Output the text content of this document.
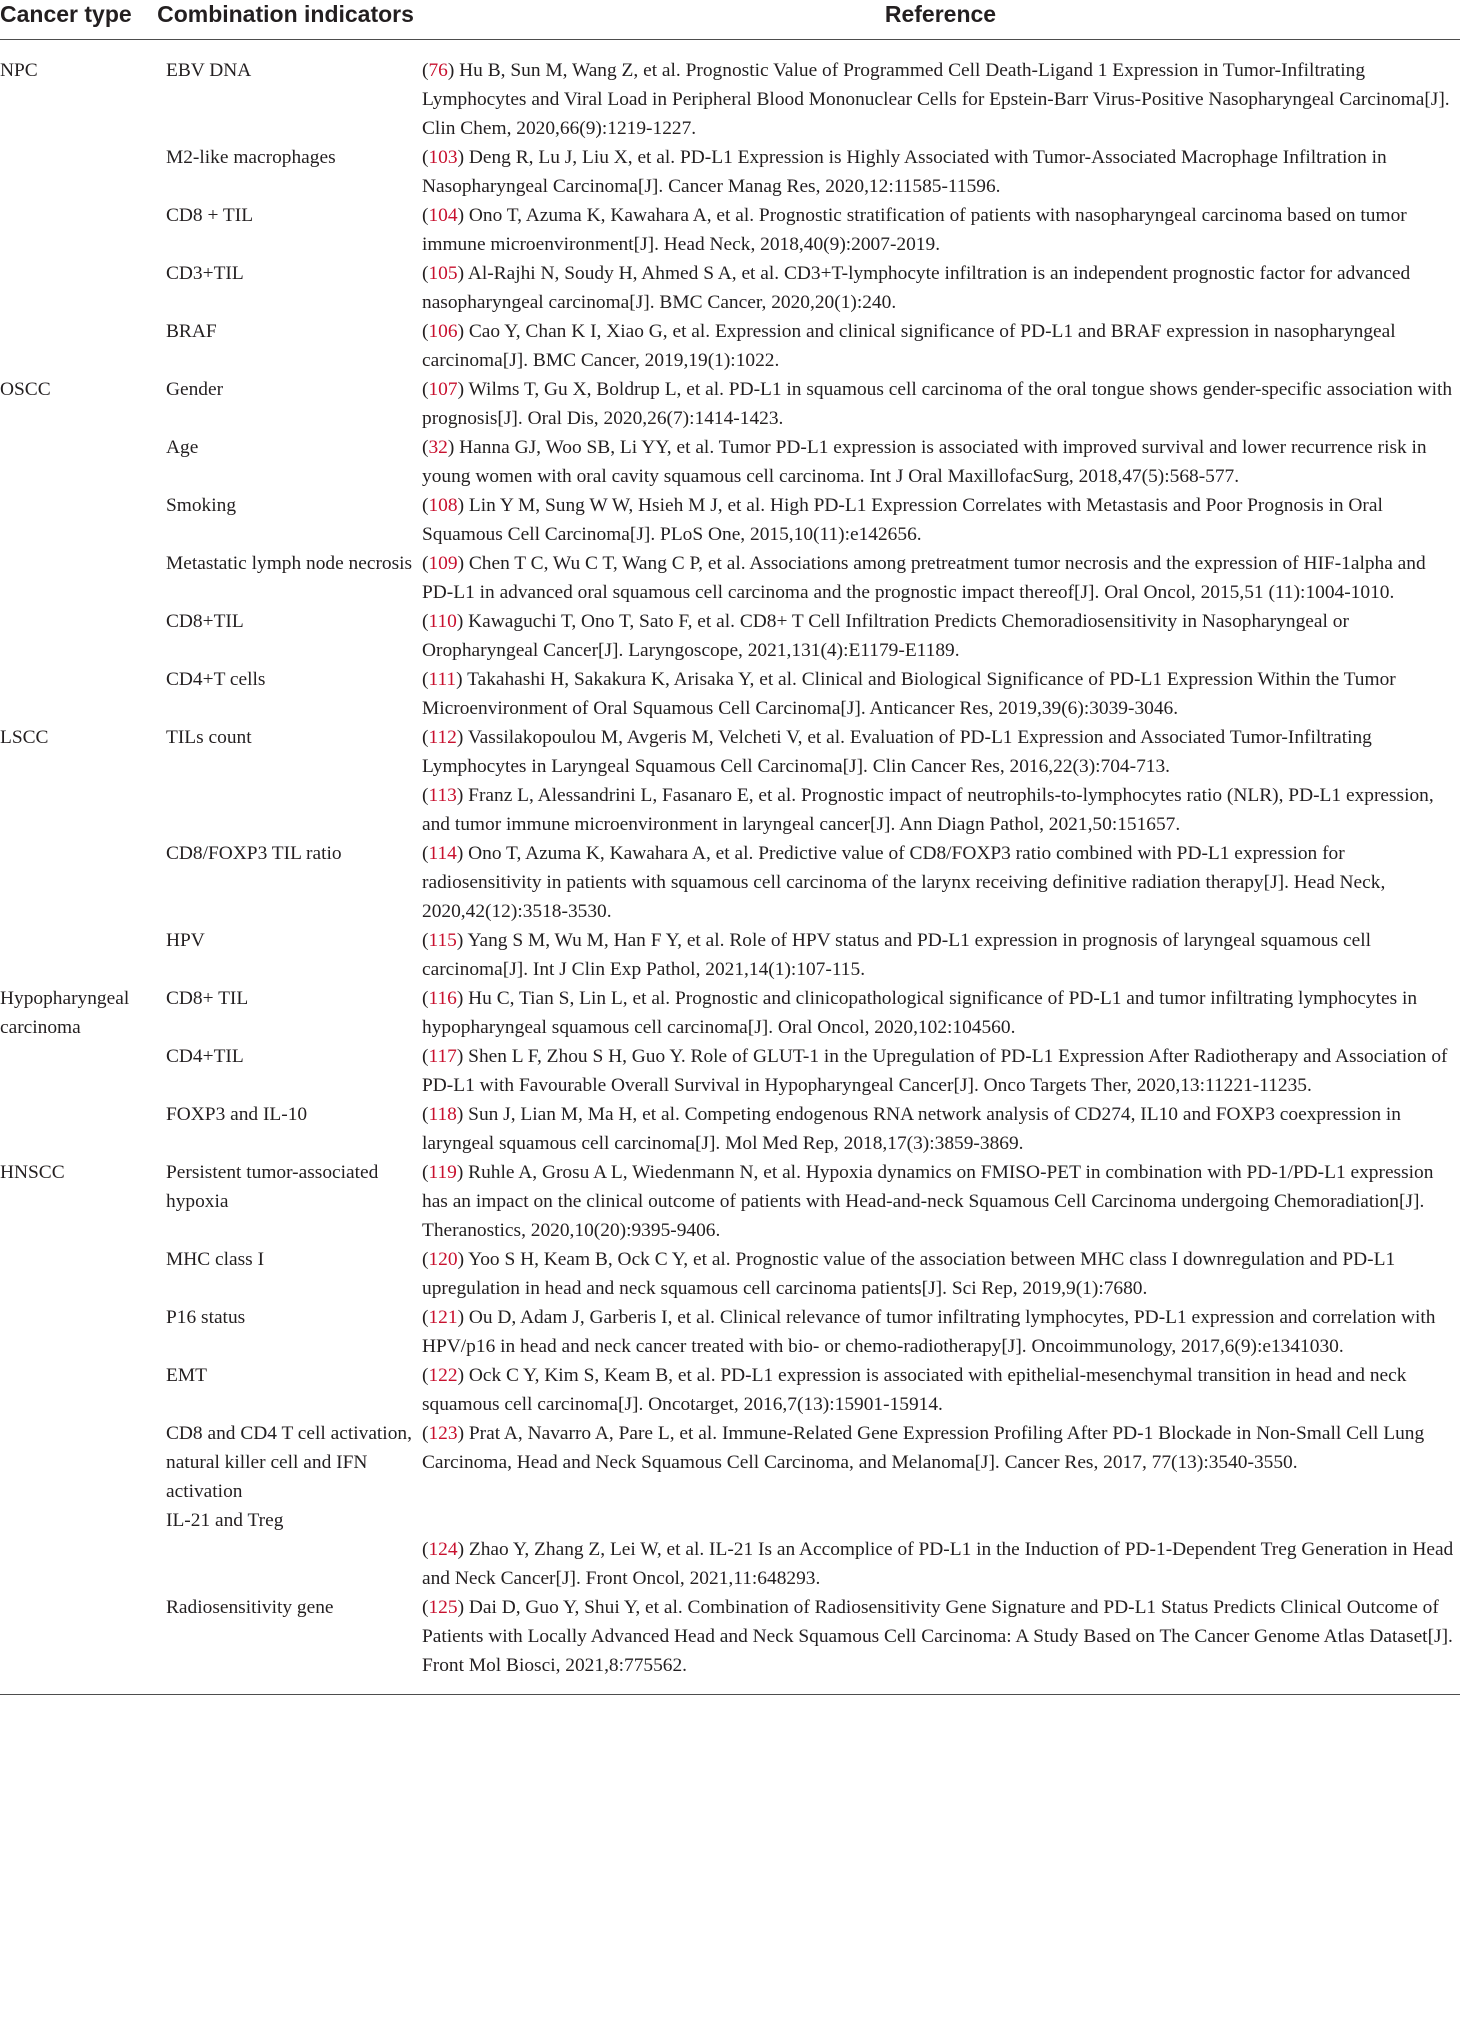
Cancer type	Combination indicators	Reference
NPC	EBV DNA	(76) Hu B, Sun M, Wang Z, et al. Prognostic Value of Programmed Cell Death-Ligand 1 Expression in Tumor-Infiltrating Lymphocytes and Viral Load in Peripheral Blood Mononuclear Cells for Epstein-Barr Virus-Positive Nasopharyngeal Carcinoma[J]. Clin Chem, 2020,66(9):1219-1227.

	M2-like macrophages	(103) Deng R, Lu J, Liu X, et al. PD-L1 Expression is Highly Associated with Tumor-Associated Macrophage Infiltration in Nasopharyngeal Carcinoma[J]. Cancer Manag Res, 2020,12:11585-11596.

	CD8 + TIL	(104) Ono T, Azuma K, Kawahara A, et al. Prognostic stratification of patients with nasopharyngeal carcinoma based on tumor immune microenvironment[J]. Head Neck, 2018,40(9):2007-2019.

	CD3+TIL	(105) Al-Rajhi N, Soudy H, Ahmed S A, et al. CD3+T-lymphocyte infiltration is an independent prognostic factor for advanced nasopharyngeal carcinoma[J]. BMC Cancer, 2020,20(1):240.

	BRAF	(106) Cao Y, Chan K I, Xiao G, et al. Expression and clinical significance of PD-L1 and BRAF expression in nasopharyngeal carcinoma[J]. BMC Cancer, 2019,19(1):1022.

OSCC	Gender	(107) Wilms T, Gu X, Boldrup L, et al. PD-L1 in squamous cell carcinoma of the oral tongue shows gender-specific association with prognosis[J]. Oral Dis, 2020,26(7):1414-1423.

	Age	(32) Hanna GJ, Woo SB, Li YY, et al. Tumor PD-L1 expression is associated with improved survival and lower recurrence risk in young women with oral cavity squamous cell carcinoma. Int J Oral MaxillofacSurg, 2018,47(5):568-577.

	Smoking	(108) Lin Y M, Sung W W, Hsieh M J, et al. High PD-L1 Expression Correlates with Metastasis and Poor Prognosis in Oral Squamous Cell Carcinoma[J]. PLoS One, 2015,10(11):e142656.

	Metastatic lymph node necrosis	(109) Chen T C, Wu C T, Wang C P, et al. Associations among pretreatment tumor necrosis and the expression of HIF-1alpha and PD-L1 in advanced oral squamous cell carcinoma and the prognostic impact thereof[J]. Oral Oncol, 2015,51 (11):1004-1010.

	CD8+TIL	(110) Kawaguchi T, Ono T, Sato F, et al. CD8+ T Cell Infiltration Predicts Chemoradiosensitivity in Nasopharyngeal or Oropharyngeal Cancer[J]. Laryngoscope, 2021,131(4):E1179-E1189.

	CD4+T cells	(111) Takahashi H, Sakakura K, Arisaka Y, et al. Clinical and Biological Significance of PD-L1 Expression Within the Tumor Microenvironment of Oral Squamous Cell Carcinoma[J]. Anticancer Res, 2019,39(6):3039-3046.

LSCC	TILs count	(112) Vassilakopoulou M, Avgeris M, Velcheti V, et al. Evaluation of PD-L1 Expression and Associated Tumor-Infiltrating Lymphocytes in Laryngeal Squamous Cell Carcinoma[J]. Clin Cancer Res, 2016,22(3):704-713.
(113) Franz L, Alessandrini L, Fasanaro E, et al. Prognostic impact of neutrophils-to-lymphocytes ratio (NLR), PD-L1 expression, and tumor immune microenvironment in laryngeal cancer[J]. Ann Diagn Pathol, 2021,50:151657.

	CD8/FOXP3 TIL ratio	(114) Ono T, Azuma K, Kawahara A, et al. Predictive value of CD8/FOXP3 ratio combined with PD-L1 expression for radiosensitivity in patients with squamous cell carcinoma of the larynx receiving definitive radiation therapy[J]. Head Neck, 2020,42(12):3518-3530.

	HPV	(115) Yang S M, Wu M, Han F Y, et al. Role of HPV status and PD-L1 expression in prognosis of laryngeal squamous cell carcinoma[J]. Int J Clin Exp Pathol, 2021,14(1):107-115.

Hypopharyngeal carcinoma	CD8+ TIL	(116) Hu C, Tian S, Lin L, et al. Prognostic and clinicopathological significance of PD-L1 and tumor infiltrating lymphocytes in hypopharyngeal squamous cell carcinoma[J]. Oral Oncol, 2020,102:104560.

	CD4+TIL	(117) Shen L F, Zhou S H, Guo Y. Role of GLUT-1 in the Upregulation of PD-L1 Expression After Radiotherapy and Association of PD-L1 with Favourable Overall Survival in Hypopharyngeal Cancer[J]. Onco Targets Ther, 2020,13:11221-11235.

	FOXP3 and IL-10	(118) Sun J, Lian M, Ma H, et al. Competing endogenous RNA network analysis of CD274, IL10 and FOXP3 coexpression in laryngeal squamous cell carcinoma[J]. Mol Med Rep, 2018,17(3):3859-3869.

HNSCC	Persistent tumor-associated hypoxia	(119) Ruhle A, Grosu A L, Wiedenmann N, et al. Hypoxia dynamics on FMISO-PET in combination with PD-1/PD-L1 expression has an impact on the clinical outcome of patients with Head-and-neck Squamous Cell Carcinoma undergoing Chemoradiation[J]. Theranostics, 2020,10(20):9395-9406.

	MHC class I	(120) Yoo S H, Keam B, Ock C Y, et al. Prognostic value of the association between MHC class I downregulation and PD-L1 upregulation in head and neck squamous cell carcinoma patients[J]. Sci Rep, 2019,9(1):7680.

	P16 status	(121) Ou D, Adam J, Garberis I, et al. Clinical relevance of tumor infiltrating lymphocytes, PD-L1 expression and correlation with HPV/p16 in head and neck cancer treated with bio- or chemo-radiotherapy[J]. Oncoimmunology, 2017,6(9):e1341030.

	EMT	(122) Ock C Y, Kim S, Keam B, et al. PD-L1 expression is associated with epithelial-mesenchymal transition in head and neck squamous cell carcinoma[J]. Oncotarget, 2016,7(13):15901-15914.

	CD8 and CD4 T cell activation, natural killer cell and IFN activation	(123) Prat A, Navarro A, Pare L, et al. Immune-Related Gene Expression Profiling After PD-1 Blockade in Non-Small Cell Lung Carcinoma, Head and Neck Squamous Cell Carcinoma, and Melanoma[J]. Cancer Res, 2017, 77(13):3540-3550.

	IL-21 and Treg	(124) Zhao Y, Zhang Z, Lei W, et al. IL-21 Is an Accomplice of PD-L1 in the Induction of PD-1-Dependent Treg Generation in Head and Neck Cancer[J]. Front Oncol, 2021,11:648293.

	Radiosensitivity gene	(125) Dai D, Guo Y, Shui Y, et al. Combination of Radiosensitivity Gene Signature and PD-L1 Status Predicts Clinical Outcome of Patients with Locally Advanced Head and Neck Squamous Cell Carcinoma: A Study Based on The Cancer Genome Atlas Dataset[J]. Front Mol Biosci, 2021,8:775562.
